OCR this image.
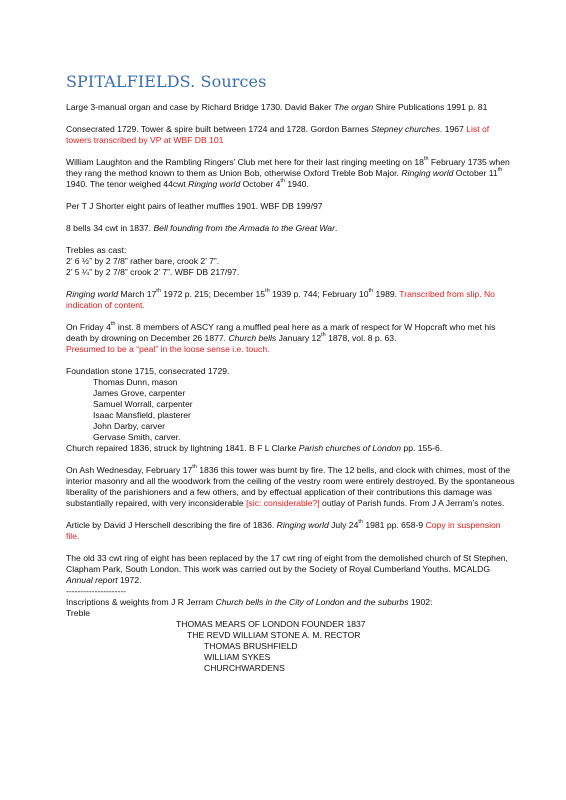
SPITALFIELDS. Sources

Large 3-manual organ and case by Richard Bridge 1730. David Baker The organ Shire Publications 1991 p. 81

Consecrated 1729. Tower & spire built between 1724 and 1728. Gordon Barnes Stepney churches. 1967 List of towers transcribed by VP at WBF DB 101

William Laughton and the Rambling Ringers’ Club met here for their last ringing meeting on 18th February 1735 when they rang the method known to them as Union Bob, otherwise Oxford Treble Bob Major. Ringing world October 11th 1940. The tenor weighed 44cwt Ringing world October 4th 1940.

Per T J Shorter eight pairs of leather muffles 1901. WBF DB 199/97

8 bells 34 cwt in 1837. Bell founding from the Armada to the Great War.

Trebles as cast:
2’ 6 ½” by 2 7/8” rather bare, crook 2’ 7”.
2’ 5 ¼” by 2 7/8” crook 2’ 7”. WBF DB 217/97.

Ringing world March 17th 1972 p. 215; December 15th 1939 p. 744; February 10th 1989. Transcribed from slip. No indication of content.

On Friday 4th inst. 8 members of ASCY rang a muffled peal here as a mark of respect for W Hopcraft who met his death by drowning on December 26 1877. Church bells January 12th 1878, vol. 8 p. 63.
Presumed to be a “peal” in the loose sense i.e. touch.

Foundation stone 1715, consecrated 1729.
Thomas Dunn, mason
James Grove, carpenter
Samuel Worrall, carpenter
Isaac Mansfield, plasterer
John Darby, carver
Gervase Smith, carver.
Church repaired 1836, struck by lightning 1841. B F L Clarke Parish churches of London pp. 155-6.

On Ash Wednesday, February 17th 1836 this tower was burnt by fire. The 12 bells, and clock with chimes, most of the interior masonry and all the woodwork from the ceiling of the vestry room were entirely destroyed. By the spontaneous liberality of the parishioners and a few others, and by effectual application of their contributions this damage was substantially repaired, with very inconsiderable [sic: considerable?] outlay of Parish funds. From J A Jerram’s notes.

Article by David J Herschell describing the fire of 1836. Ringing world July 24th 1981 pp. 658-9 Copy in suspension file.

The old 33 cwt ring of eight has been replaced by the 17 cwt ring of eight from the demolished church of St Stephen, Clapham Park, South London. This work was carried out by the Society of Royal Cumberland Youths. MCALDG Annual report 1972.

---------------------
Inscriptions & weights from J R Jerram Church bells in the City of London and the suburbs 1902:
Treble
THOMAS MEARS OF LONDON FOUNDER 1837
THE REVD WILLIAM STONE A. M. RECTOR
THOMAS BRUSHFIELD
WILLIAM SYKES
CHURCHWARDENS
